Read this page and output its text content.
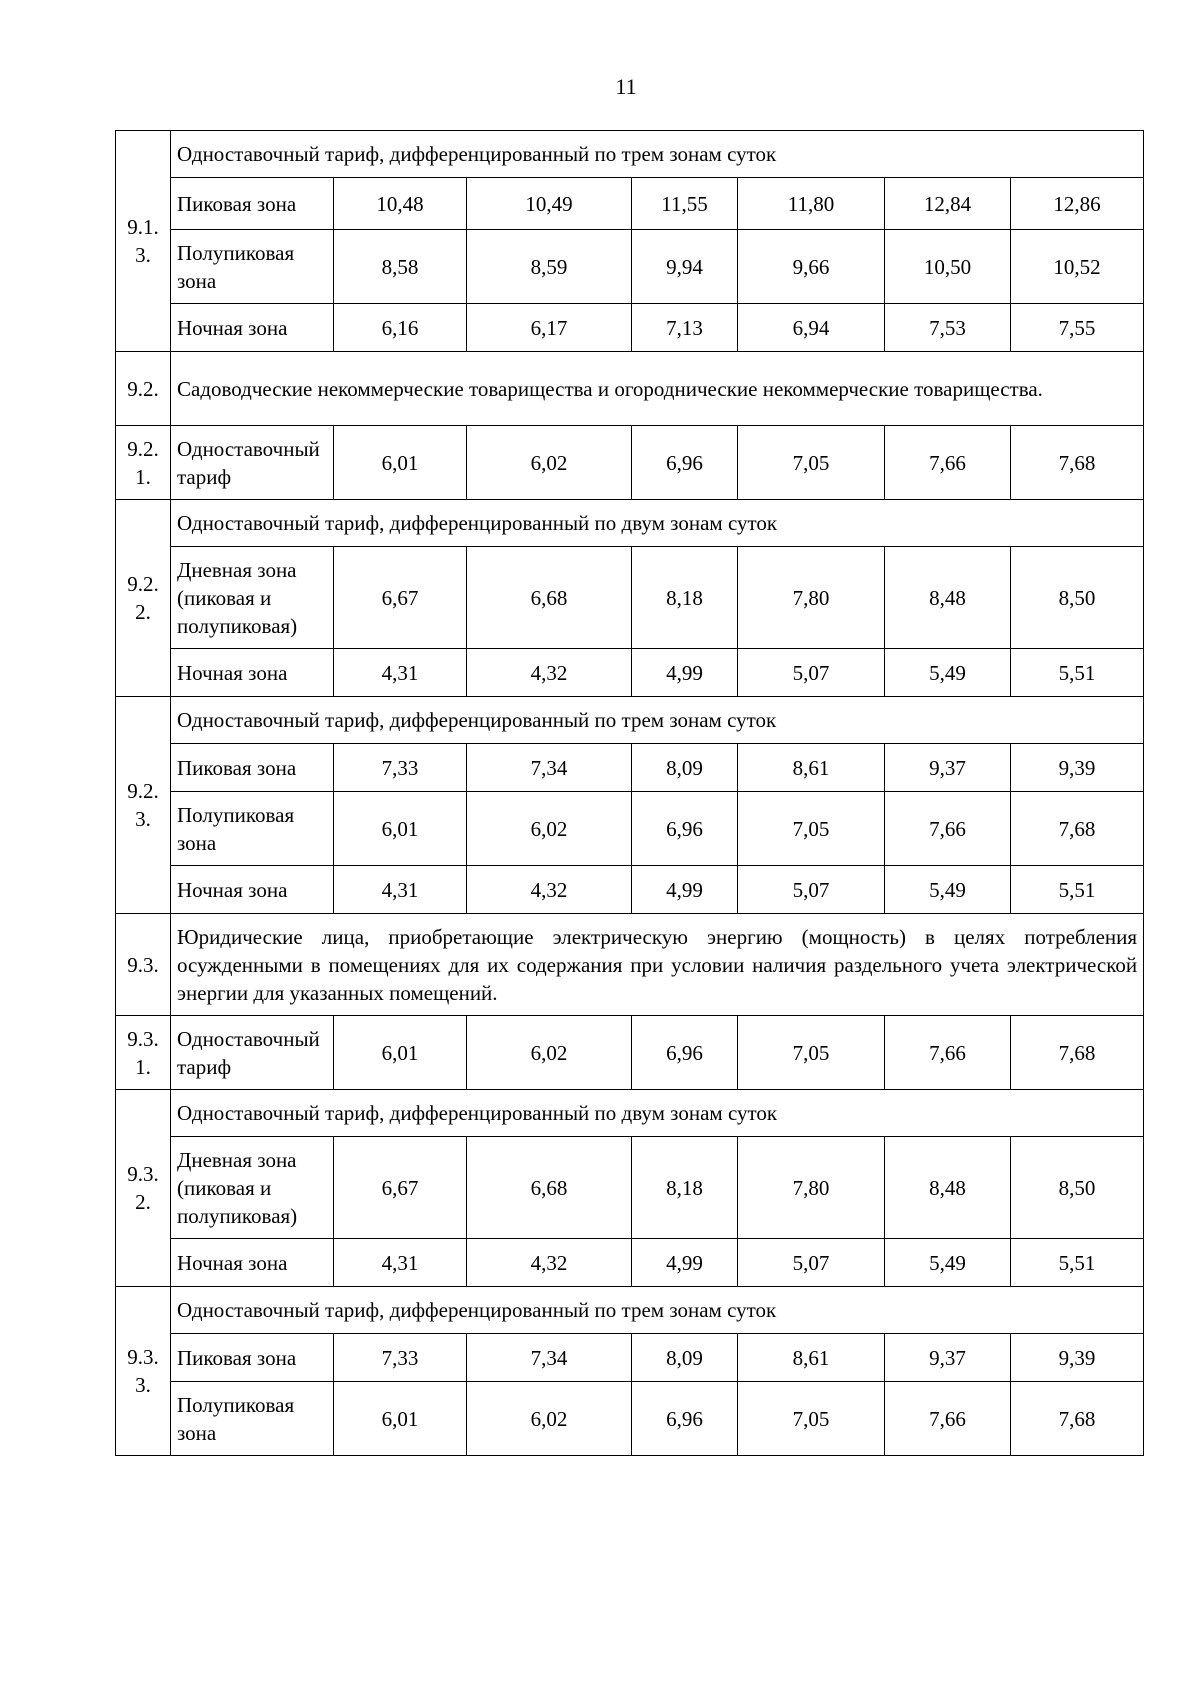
11
9.1.
3.	Одноставочный тариф, дифференцированный по трем зонам суток						
	Пиковая зона	10,48	10,49	11,55	11,80	12,84	12,86
	Полупиковая зона	8,58	8,59	9,94	9,66	10,50	10,52
	Ночная зона	6,16	6,17	7,13	6,94	7,53	7,55
9.2.	Садоводческие некоммерческие товарищества и огороднические некоммерческие товарищества.						
9.2.
1.	Одноставочный тариф	6,01	6,02	6,96	7,05	7,66	7,68
9.2.
2.	Одноставочный тариф, дифференцированный по двум зонам суток						
	Дневная зона (пиковая и полупиковая)	6,67	6,68	8,18	7,80	8,48	8,50
	Ночная зона	4,31	4,32	4,99	5,07	5,49	5,51
9.2.
3.	Одноставочный тариф, дифференцированный по трем зонам суток						
	Пиковая зона	7,33	7,34	8,09	8,61	9,37	9,39
	Полупиковая зона	6,01	6,02	6,96	7,05	7,66	7,68
	Ночная зона	4,31	4,32	4,99	5,07	5,49	5,51
9.3.	Юридические лица, приобретающие электрическую энергию (мощность) в целях потребления осужденными в помещениях для их содержания при условии наличия раздельного учета электрической энергии для указанных помещений.						
9.3.
1.	Одноставочный тариф	6,01	6,02	6,96	7,05	7,66	7,68
9.3.
2.	Одноставочный тариф, дифференцированный по двум зонам суток						
	Дневная зона (пиковая и полупиковая)	6,67	6,68	8,18	7,80	8,48	8,50
	Ночная зона	4,31	4,32	4,99	5,07	5,49	5,51
9.3.
3.	Одноставочный тариф, дифференцированный по трем зонам суток						
	Пиковая зона	7,33	7,34	8,09	8,61	9,37	9,39
	Полупиковая зона	6,01	6,02	6,96	7,05	7,66	7,68
